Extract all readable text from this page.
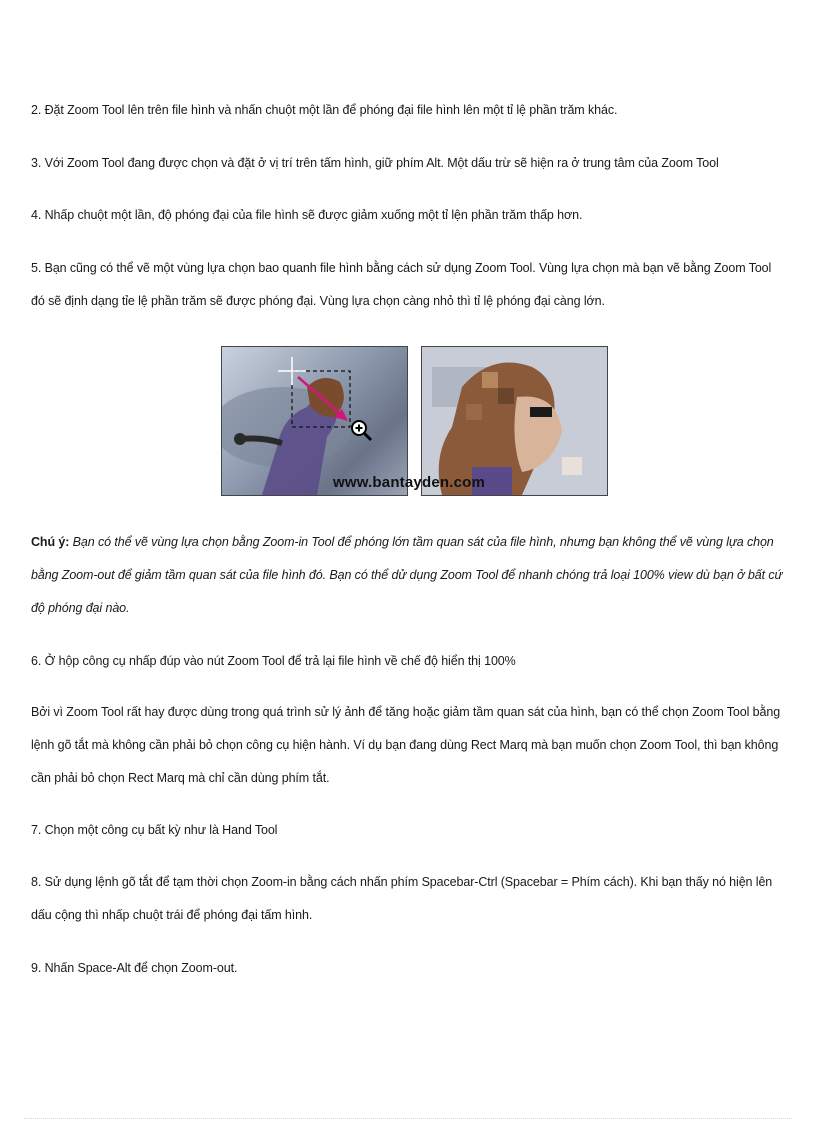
2. Đặt Zoom Tool lên trên file hình và nhấn chuột một lần để phóng đại file hình lên một tỉ lệ phần trăm khác.

3. Với Zoom Tool đang được chọn và đặt ở vị trí trên tấm hình, giữ phím Alt. Một dấu trừ sẽ hiện ra ở trung tâm của Zoom Tool

4. Nhấp chuột một lần, độ phóng đại của file hình sẽ được giảm xuống một tỉ lện phần trăm thấp hơn.

5. Bạn cũng có thể vẽ một vùng lựa chọn bao quanh file hình bằng cách sử dụng Zoom Tool. Vùng lựa chọn mà bạn vẽ bằng Zoom Tool đó sẽ định dạng tỉe lệ phần trăm sẽ được phóng đại. Vùng lựa chọn càng nhỏ thì tỉ lệ phóng đại càng lớn.

www.bantayden.com

Chú ý: Bạn có thể vẽ vùng lựa chọn bằng Zoom-in Tool để phóng lớn tầm quan sát của file hình, nhưng bạn không thể vẽ vùng lựa chọn bằng Zoom-out để giảm tầm quan sát của file hình đó. Bạn có thể dử dụng Zoom Tool để nhanh chóng trả loại 100% view dù bạn ở bất cứ độ phóng đại nào.

6. Ở hộp công cụ nhấp đúp vào nút Zoom Tool để trả lại file hình về chế độ hiển thị 100%

Bởi vì Zoom Tool rất hay được dùng trong quá trình sử lý ảnh để tăng hoặc giảm tầm quan sát của hình, bạn có thể chọn Zoom Tool bằng lệnh gõ tắt mà không cần phải bỏ chọn công cụ hiện hành. Ví dụ bạn đang dùng Rect Marq mà bạn muốn chọn Zoom Tool, thì bạn không cần phải bỏ chọn Rect Marq mà chỉ cần dùng phím tắt.

7. Chọn một công cụ bất kỳ như là Hand Tool

8. Sử dụng lệnh gõ tắt để tạm thời chọn Zoom-in bằng cách nhấn phím Spacebar-Ctrl (Spacebar = Phím cách). Khi bạn thấy nó hiện lên dấu cộng thì nhấp chuột trái để phóng đại tấm hình.

9. Nhấn Space-Alt để chọn Zoom-out.
